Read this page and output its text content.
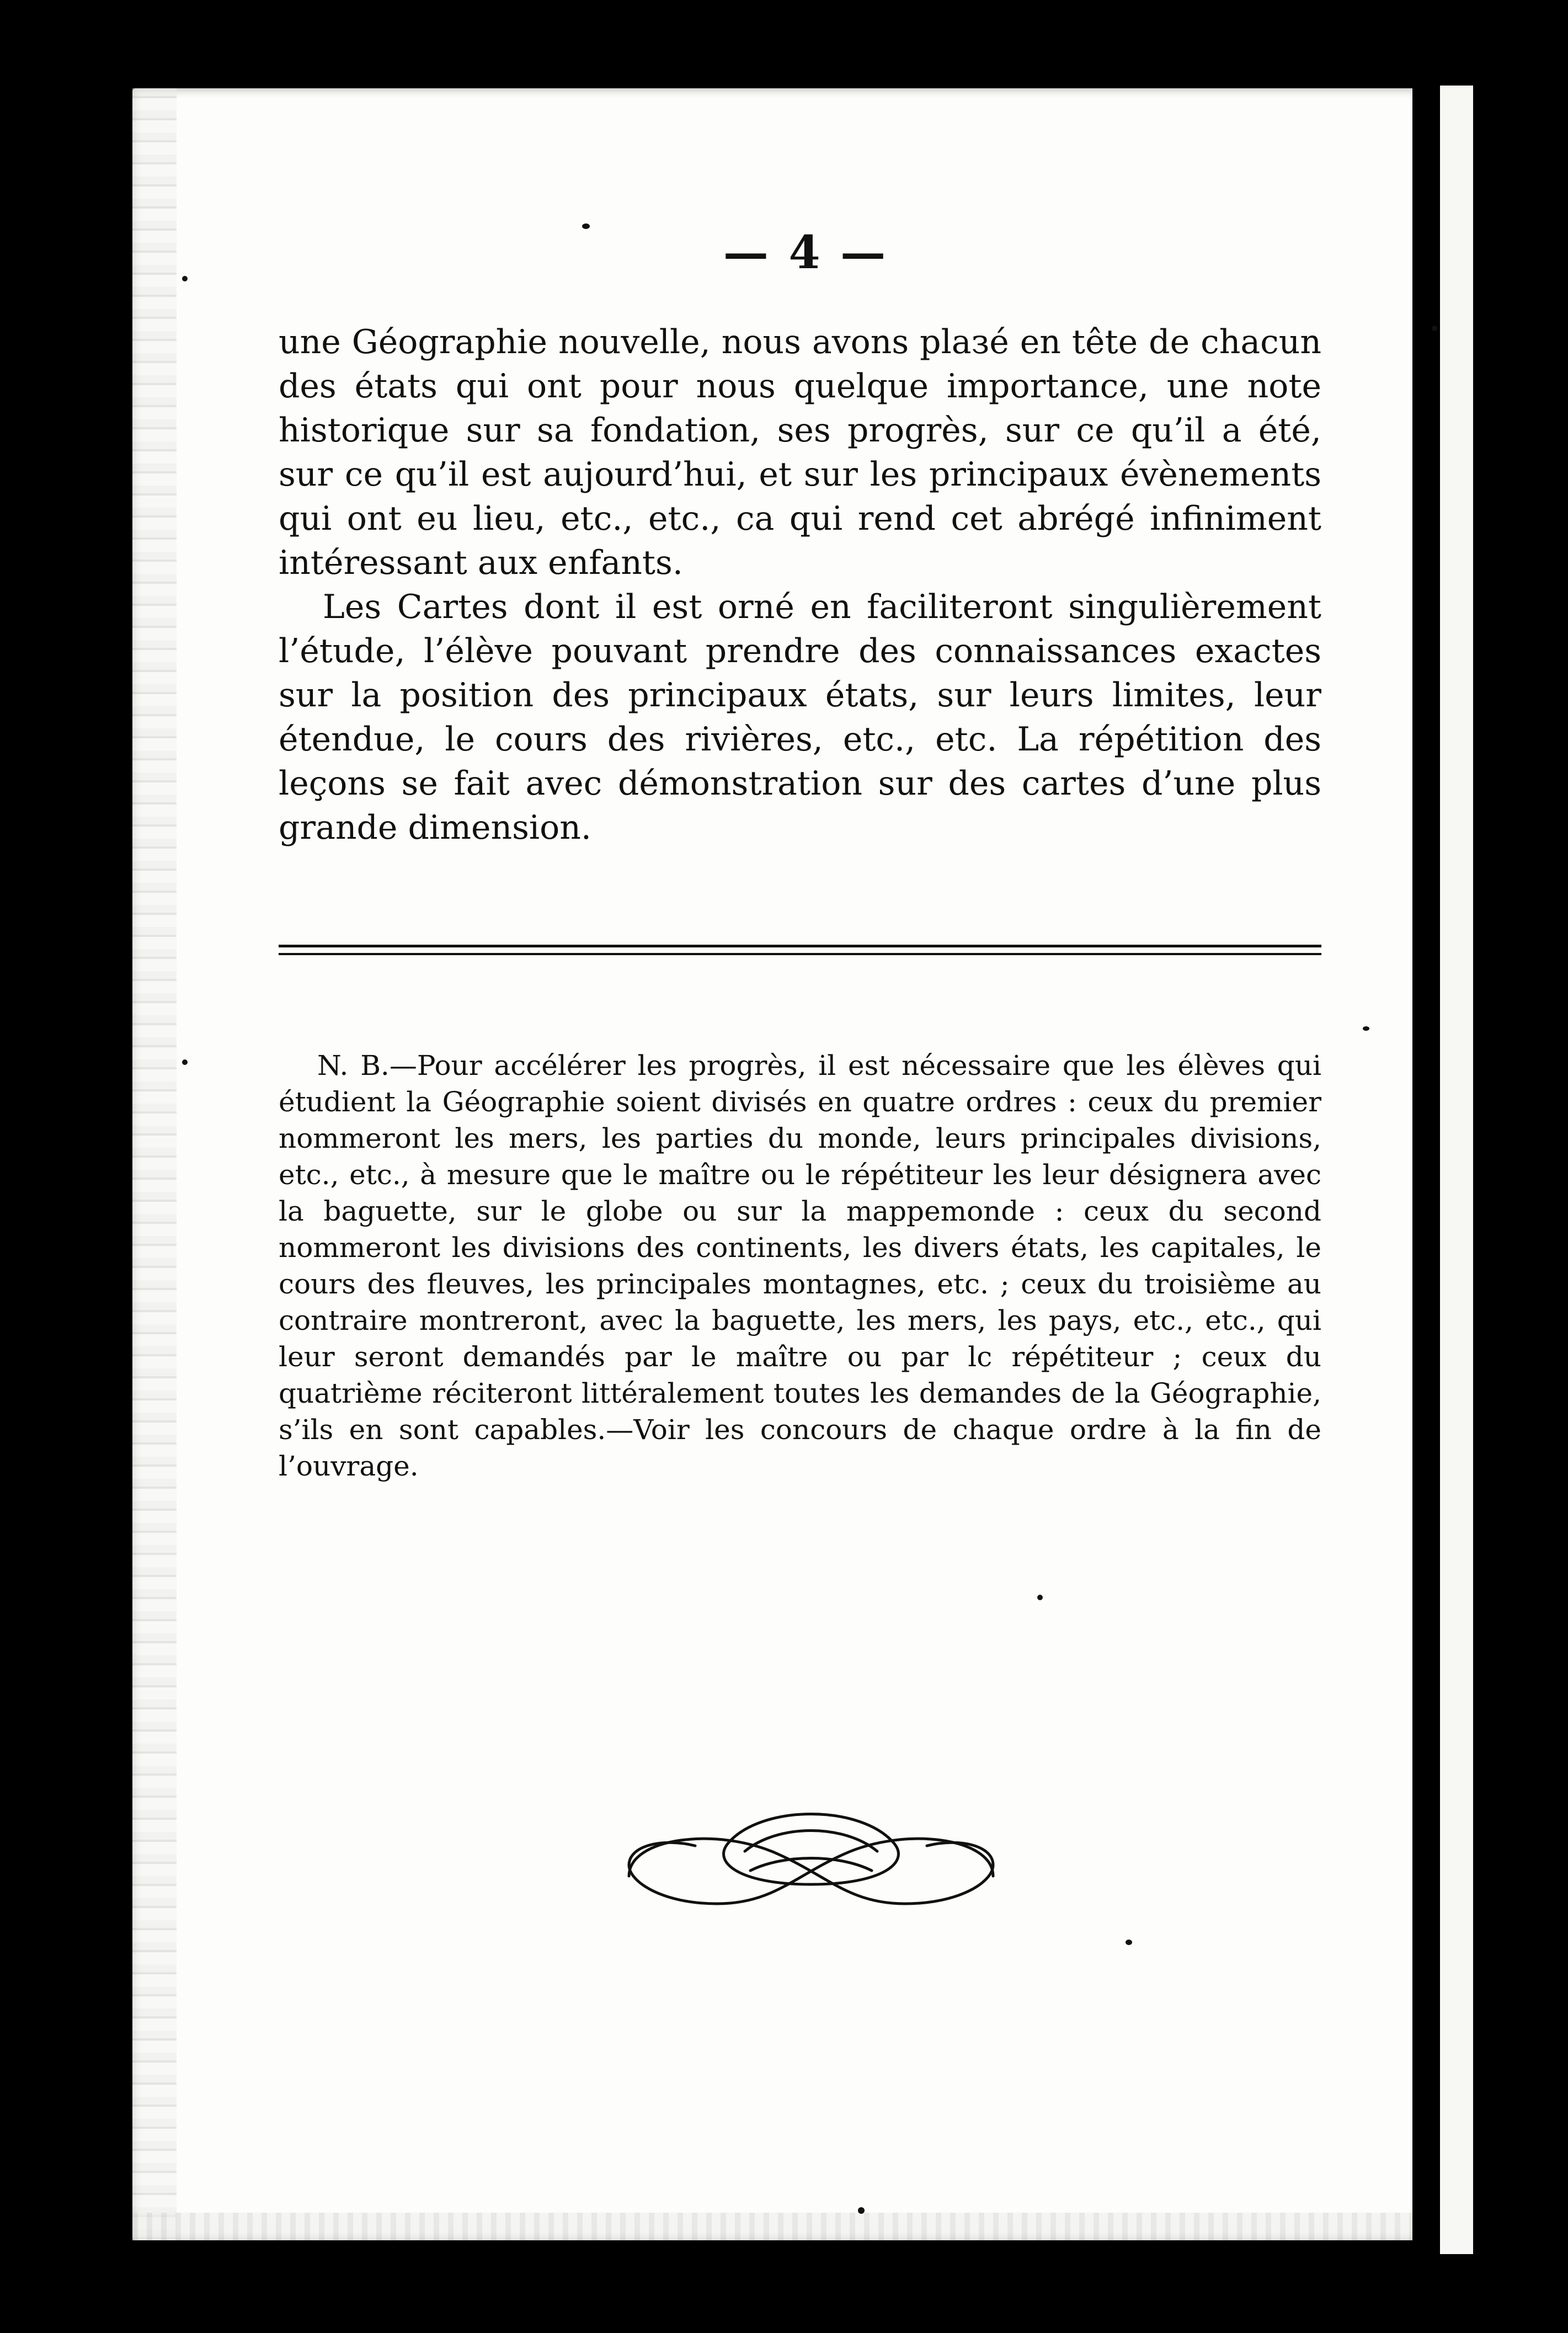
— 4 —

une Géographie nouvelle, nous avons plaзé en tête de chacun des états qui ont pour nous quelque importance, une note historique sur sa fondation, ses progrès, sur ce qu’il a été, sur ce qu’il est aujourd’hui, et sur les principaux évènements qui ont eu lieu, etc., etc., ca qui rend cet abrégé infiniment intéressant aux enfants.

Les Cartes dont il est orné en faciliteront singulièrement l’étude, l’élève pouvant prendre des connaissances exactes sur la position des principaux états, sur leurs limites, leur étendue, le cours des rivières, etc., etc. La répétition des leçons se fait avec démonstration sur des cartes d’une plus grande dimension.

N. B.—Pour accélérer les progrès, il est nécessaire que les élèves qui étudient la Géographie soient divisés en quatre ordres : ceux du premier nommeront les mers, les parties du monde, leurs principales divisions, etc., etc., à mesure que le maître ou le répétiteur les leur désignera avec la baguette, sur le globe ou sur la mappemonde : ceux du second nommeront les divisions des continents, les divers états, les capitales, le cours des fleuves, les principales montagnes, etc. ; ceux du troisième au contraire montreront, avec la baguette, les mers, les pays, etc., etc., qui leur seront demandés par le maître ou par lc répétiteur ; ceux du quatrième réciteront littéralement toutes les demandes de la Géographie, s’ils en sont capables.—Voir les concours de chaque ordre à la fin de l’ouvrage.
